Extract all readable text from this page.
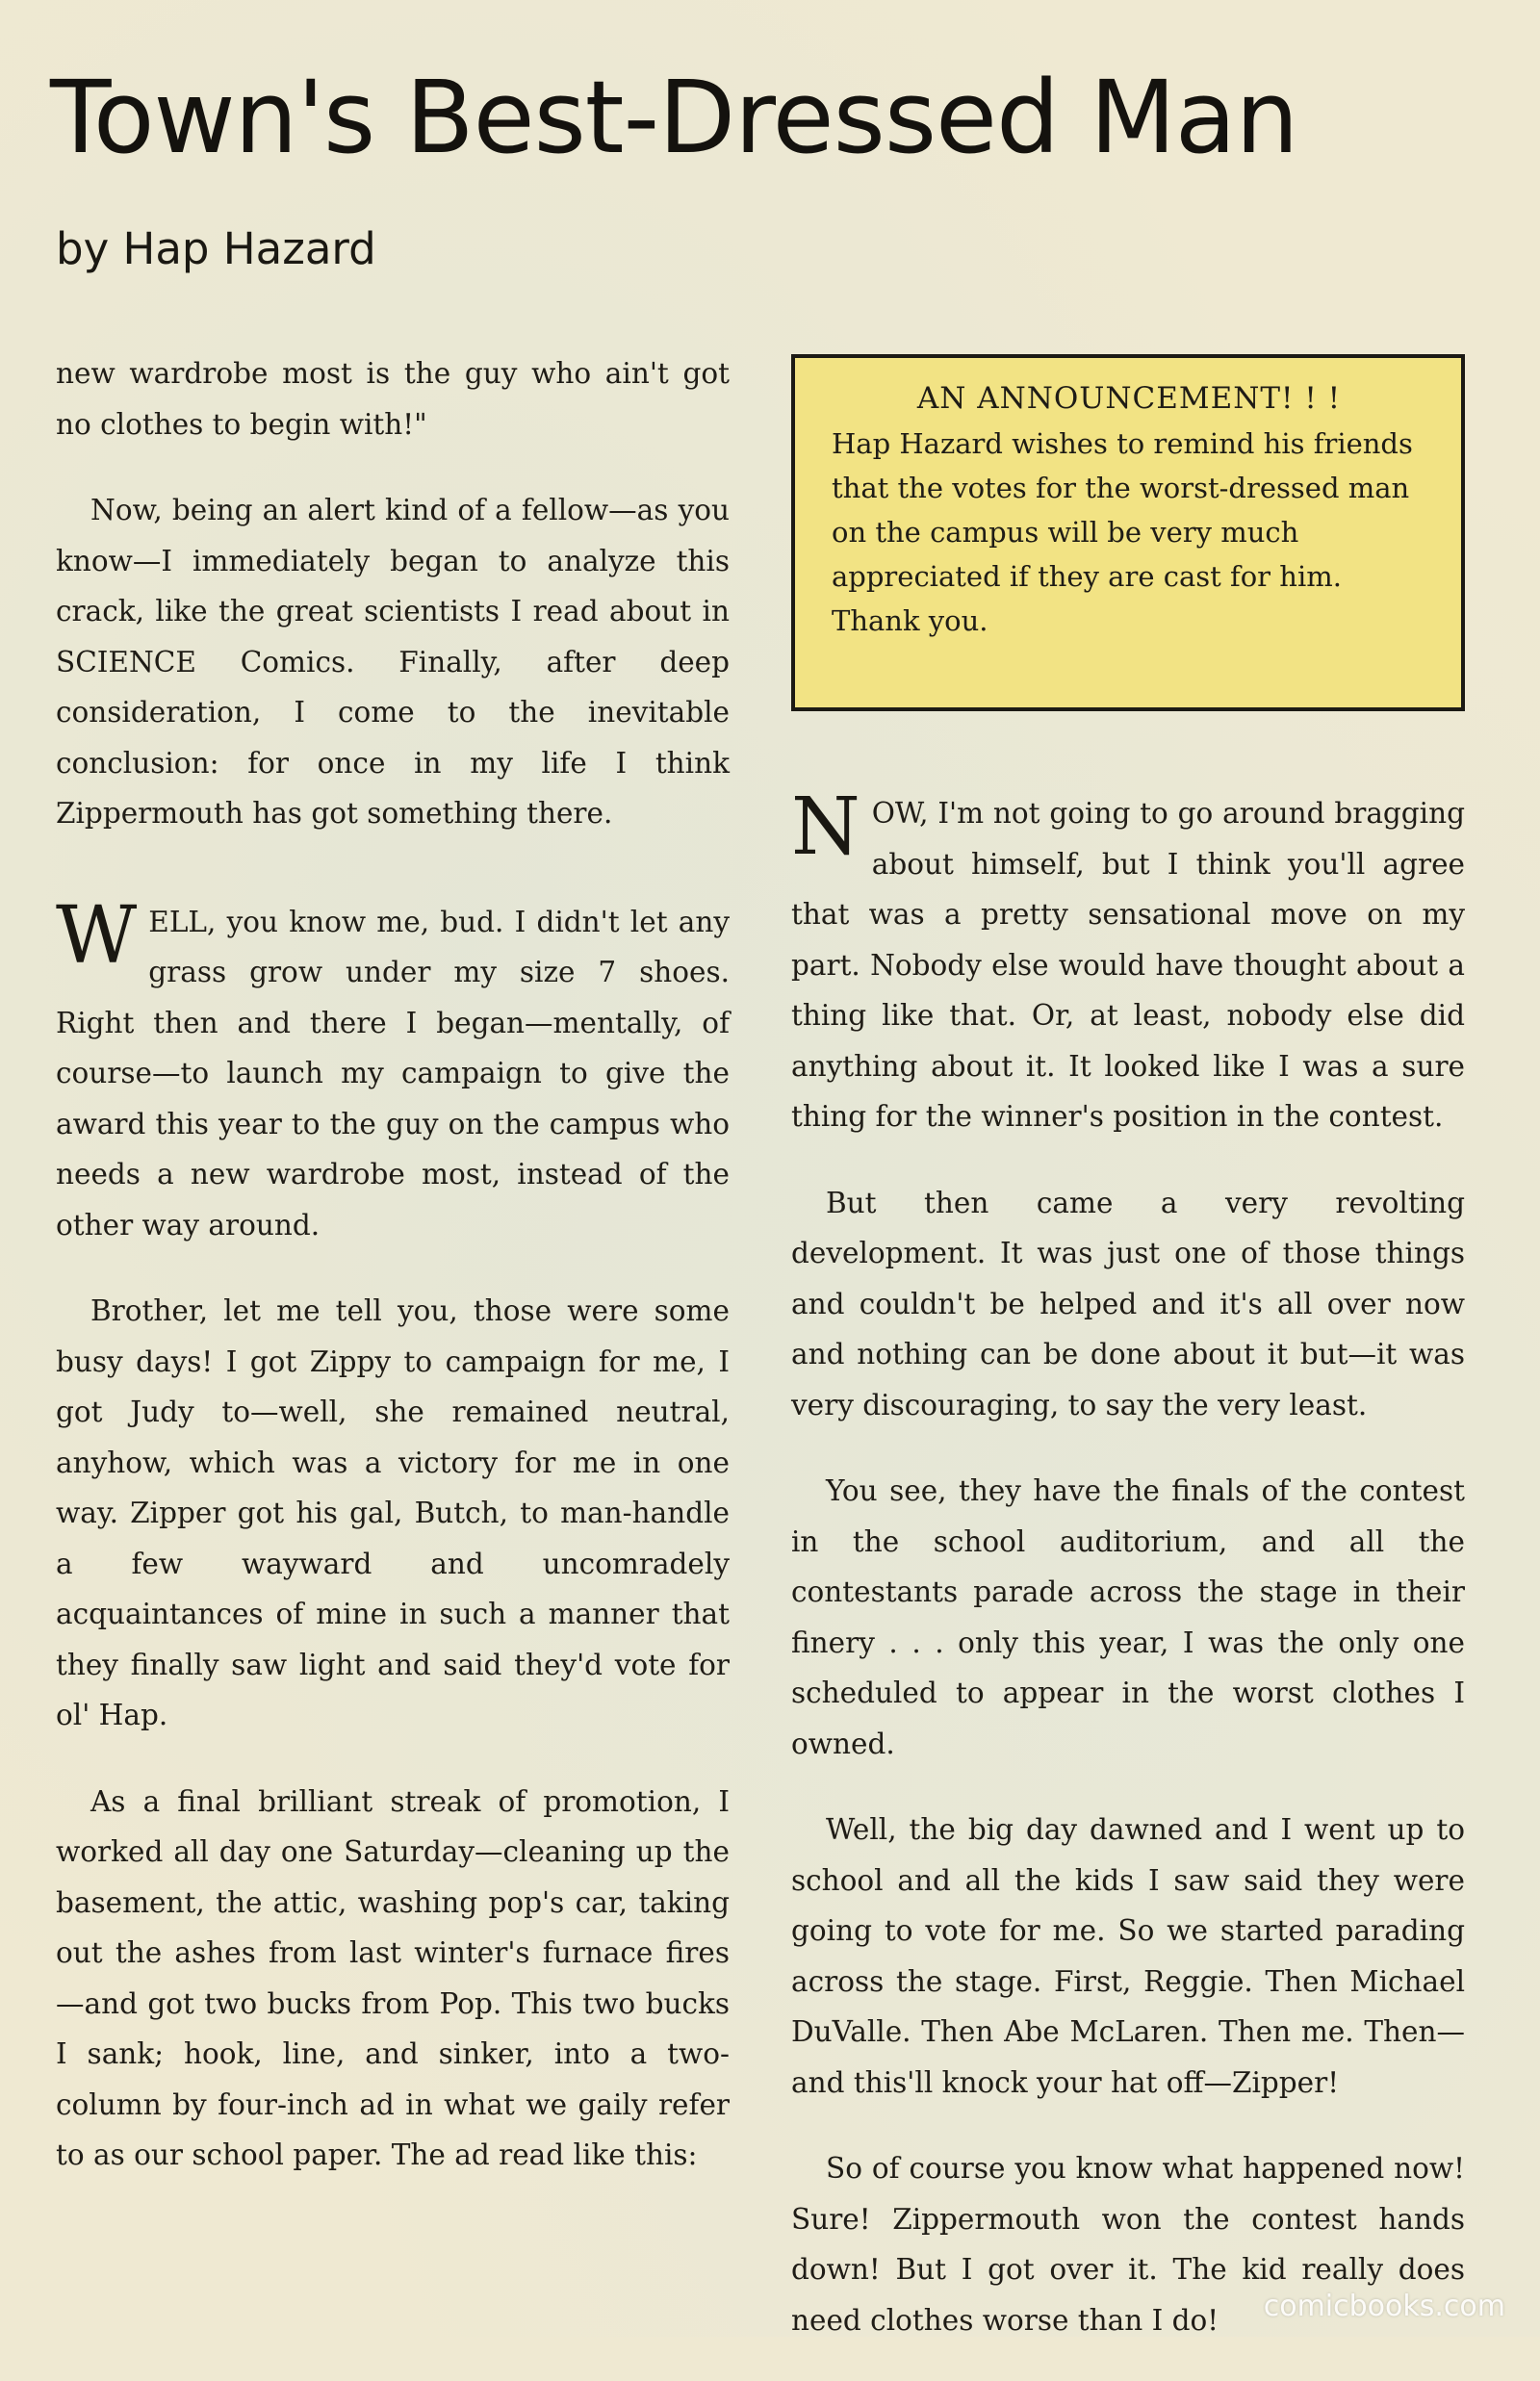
Town's Best-Dressed Man
by Hap Hazard

new wardrobe most is the guy who ain't got no clothes to begin with!"

Now, being an alert kind of a fellow—as you know—I immediately began to analyze this crack, like the great scientists I read about in SCIENCE Comics. Finally, after deep consideration, I come to the inevitable conclusion: for once in my life I think Zippermouth has got something there.

WELL, you know me, bud. I didn't let any grass grow under my size 7 shoes. Right then and there I began—mentally, of course—to launch my campaign to give the award this year to the guy on the campus who needs a new wardrobe most, instead of the other way around.

Brother, let me tell you, those were some busy days! I got Zippy to campaign for me, I got Judy to—well, she remained neutral, anyhow, which was a victory for me in one way. Zipper got his gal, Butch, to man-handle a few wayward and uncomradely acquaintances of mine in such a manner that they finally saw light and said they'd vote for ol' Hap.

As a final brilliant streak of promotion, I worked all day one Saturday—cleaning up the basement, the attic, washing pop's car, taking out the ashes from last winter's furnace fires—and got two bucks from Pop. This two bucks I sank; hook, line, and sinker, into a two-column by four-inch ad in what we gaily refer to as our school paper. The ad read like this:

AN ANNOUNCEMENT! ! !

Hap Hazard wishes to remind his friends that the votes for the worst-dressed man on the campus will be very much appreciated if they are cast for him. Thank you.

NOW, I'm not going to go around bragging about himself, but I think you'll agree that was a pretty sensational move on my part. Nobody else would have thought about a thing like that. Or, at least, nobody else did anything about it. It looked like I was a sure thing for the winner's position in the contest.

But then came a very revolting development. It was just one of those things and couldn't be helped and it's all over now and nothing can be done about it but—it was very discouraging, to say the very least.

You see, they have the finals of the contest in the school auditorium, and all the contestants parade across the stage in their finery . . . only this year, I was the only one scheduled to appear in the worst clothes I owned.

Well, the big day dawned and I went up to school and all the kids I saw said they were going to vote for me. So we started parading across the stage. First, Reggie. Then Michael DuValle. Then Abe McLaren. Then me. Then—and this'll knock your hat off—Zipper!

So of course you know what happened now! Sure! Zippermouth won the contest hands down! But I got over it. The kid really does need clothes worse than I do!	comicbooks.com
